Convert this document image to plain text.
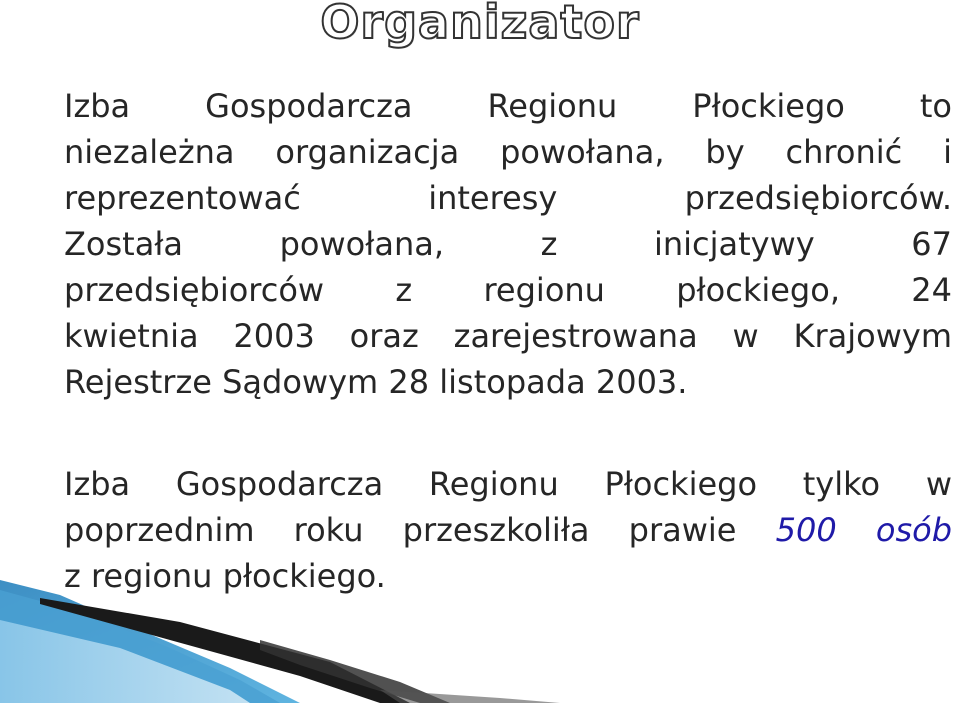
Organizator
Izba Gospodarcza Regionu Płockiego to
niezależna organizacja powołana, by chronić i
reprezentować interesy przedsiębiorców.
Została powołana, z inicjatywy 67
przedsiębiorców z regionu płockiego, 24
kwietnia 2003 oraz zarejestrowana w Krajowym
Rejestrze Sądowym 28 listopada 2003.
Izba Gospodarcza Regionu Płockiego tylko w
poprzednim roku przeszkoliła prawie 500 osób
z regionu płockiego.
